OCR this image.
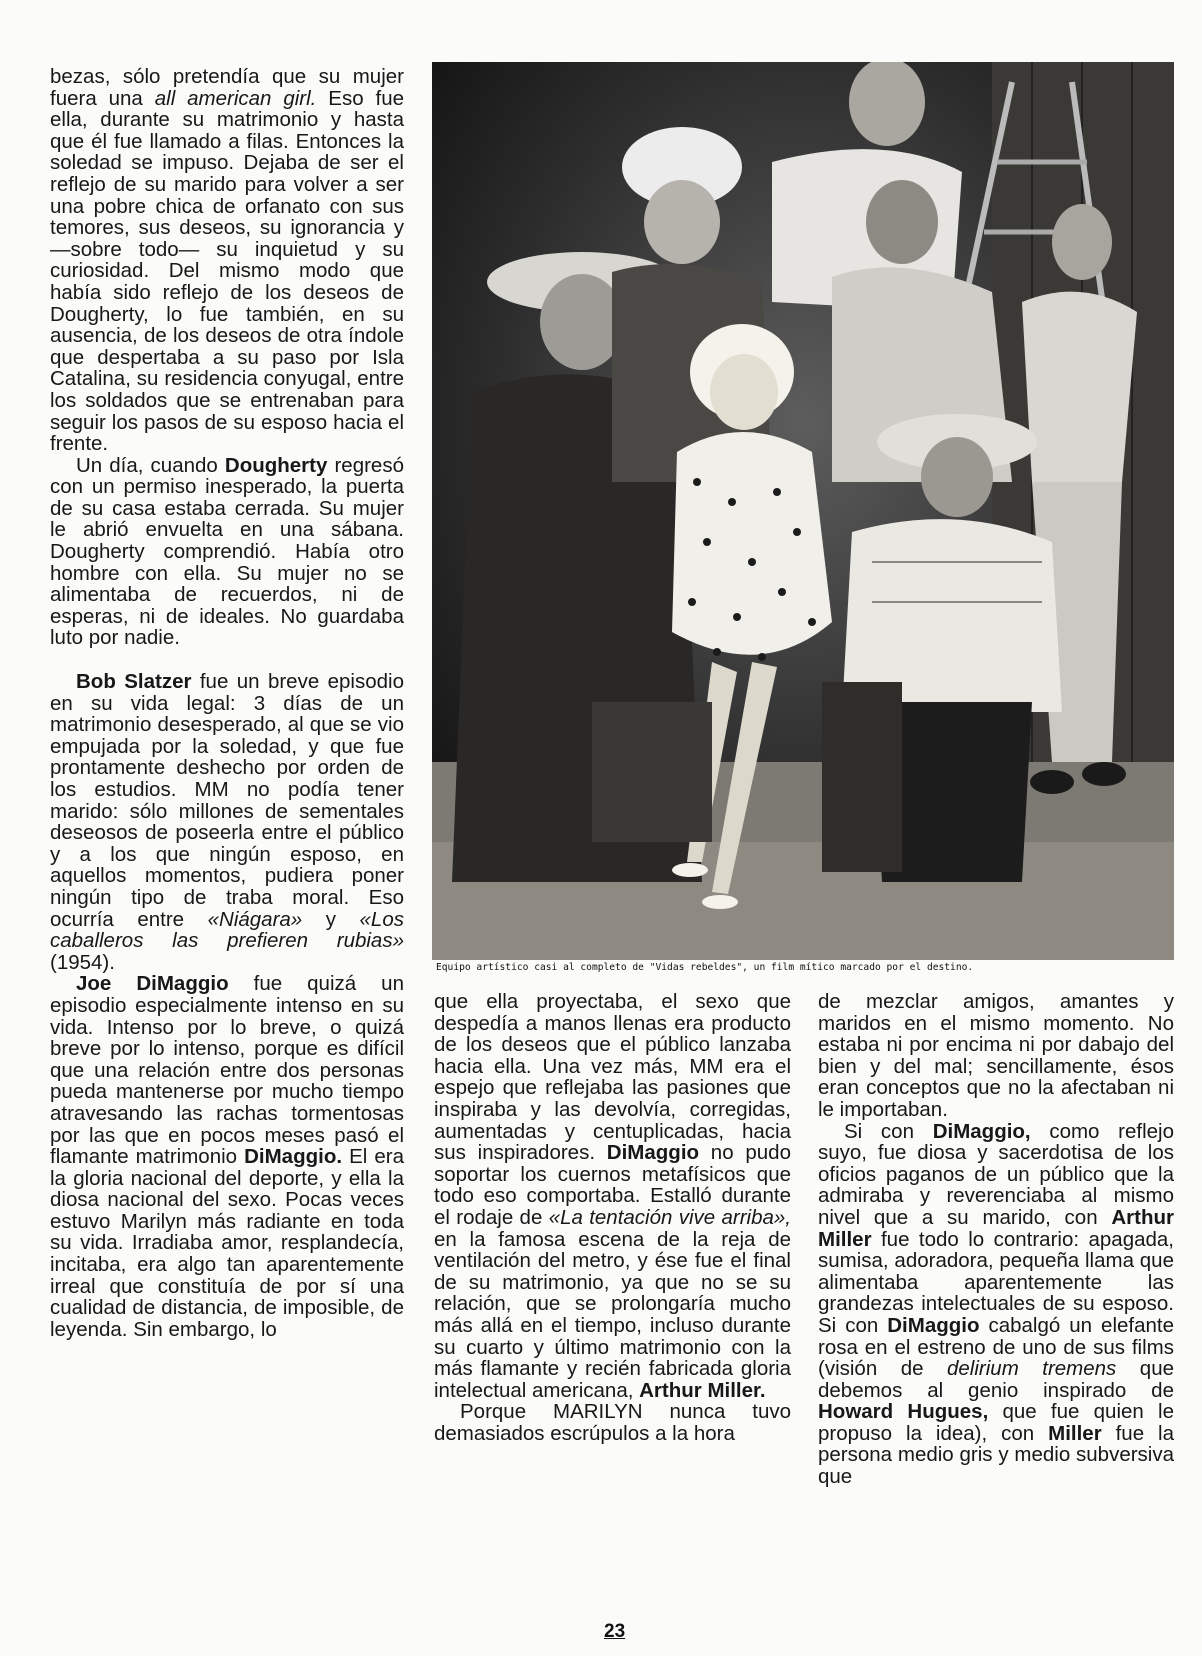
bezas, sólo pretendía que su mujer fuera una all american girl. Eso fue ella, durante su matrimonio y hasta que él fue llamado a filas. Entonces la soledad se impuso. Dejaba de ser el reflejo de su marido para volver a ser una pobre chica de orfanato con sus temores, sus deseos, su ignorancia y —sobre todo— su inquietud y su curiosidad. Del mismo modo que había sido reflejo de los deseos de Dougherty, lo fue también, en su ausencia, de los deseos de otra índole que despertaba a su paso por Isla Catalina, su residencia conyugal, entre los soldados que se entrenaban para seguir los pasos de su esposo hacia el frente.

Un día, cuando Dougherty regresó con un permiso inesperado, la puerta de su casa estaba cerrada. Su mujer le abrió envuelta en una sábana. Dougherty comprendió. Había otro hombre con ella. Su mujer no se alimentaba de recuerdos, ni de esperas, ni de ideales. No guardaba luto por nadie.

Bob Slatzer fue un breve episodio en su vida legal: 3 días de un matrimonio desesperado, al que se vio empujada por la soledad, y que fue prontamente deshecho por orden de los estudios. MM no podía tener marido: sólo millones de sementales deseosos de poseerla entre el público y a los que ningún esposo, en aquellos momentos, pudiera poner ningún tipo de traba moral. Eso ocurría entre «Niágara» y «Los caballeros las prefieren rubias» (1954).

Joe DiMaggio fue quizá un episodio especialmente intenso en su vida. Intenso por lo breve, o quizá breve por lo intenso, porque es difícil que una relación entre dos personas pueda mantenerse por mucho tiempo atravesando las rachas tormentosas por las que en pocos meses pasó el flamante matrimonio DiMaggio. El era la gloria nacional del deporte, y ella la diosa nacional del sexo. Pocas veces estuvo Marilyn más radiante en toda su vida. Irradiaba amor, resplandecía, incitaba, era algo tan aparentemente irreal que constituía de por sí una cualidad de distancia, de imposible, de leyenda. Sin embargo, lo

Equipo artístico casi al completo de "Vidas rebeldes", un film mítico marcado por el destino.

que ella proyectaba, el sexo que despedía a manos llenas era producto de los deseos que el público lanzaba hacia ella. Una vez más, MM era el espejo que reflejaba las pasiones que inspiraba y las devolvía, corregidas, aumentadas y centuplicadas, hacia sus inspiradores. DiMaggio no pudo soportar los cuernos metafísicos que todo eso comportaba. Estalló durante el rodaje de «La tentación vive arriba», en la famosa escena de la reja de ventilación del metro, y ése fue el final de su matrimonio, ya que no se su relación, que se prolongaría mucho más allá en el tiempo, incluso durante su cuarto y último matrimonio con la más flamante y recién fabricada gloria intelectual americana, Arthur Miller.

Porque MARILYN nunca tuvo demasiados escrúpulos a la hora

de mezclar amigos, amantes y maridos en el mismo momento. No estaba ni por encima ni por dabajo del bien y del mal; sencillamente, ésos eran conceptos que no la afectaban ni le importaban.

Si con DiMaggio, como reflejo suyo, fue diosa y sacerdotisa de los oficios paganos de un público que la admiraba y reverenciaba al mismo nivel que a su marido, con Arthur Miller fue todo lo contrario: apagada, sumisa, adoradora, pequeña llama que alimentaba aparentemente las grandezas intelectuales de su esposo. Si con DiMaggio cabalgó un elefante rosa en el estreno de uno de sus films (visión de delirium tremens que debemos al genio inspirado de Howard Hugues, que fue quien le propuso la idea), con Miller fue la persona medio gris y medio subversiva que

23
